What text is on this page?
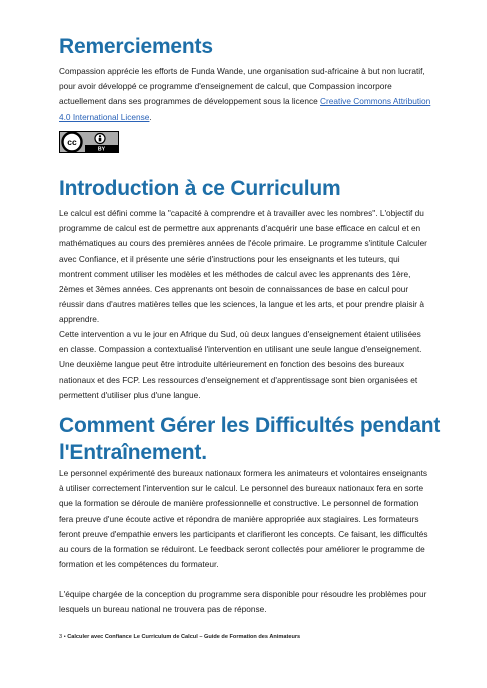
Remerciements

Compassion apprécie les efforts de Funda Wande, une organisation sud-africaine à but non lucratif, pour avoir développé ce programme d'enseignement de calcul, que Compassion incorpore actuellement dans ses programmes de développement sous la licence Creative Commons Attribution 4.0 International License.

cc
BY
Introduction à ce Curriculum

Le calcul est défini comme la "capacité à comprendre et à travailler avec les nombres". L'objectif du programme de calcul est de permettre aux apprenants d'acquérir une base efficace en calcul et en mathématiques au cours des premières années de l'école primaire. Le programme s'intitule Calculer avec Confiance, et il présente une série d'instructions pour les enseignants et les tuteurs, qui montrent comment utiliser les modèles et les méthodes de calcul avec les apprenants des 1ère, 2èmes et 3èmes années. Ces apprenants ont besoin de connaissances de base en calcul pour réussir dans d'autres matières telles que les sciences, la langue et les arts, et pour prendre plaisir à apprendre.

Cette intervention a vu le jour en Afrique du Sud, où deux langues d'enseignement étaient utilisées en classe. Compassion a contextualisé l'intervention en utilisant une seule langue d'enseignement. Une deuxième langue peut être introduite ultérieurement en fonction des besoins des bureaux nationaux et des FCP. Les ressources d'enseignement et d'apprentissage sont bien organisées et permettent d'utiliser plus d'une langue.

Comment Gérer les Difficultés pendant
l'Entraînement.

Le personnel expérimenté des bureaux nationaux formera les animateurs et volontaires enseignants à utiliser correctement l'intervention sur le calcul. Le personnel des bureaux nationaux fera en sorte que la formation se déroule de manière professionnelle et constructive. Le personnel de formation fera preuve d'une écoute active et répondra de manière appropriée aux stagiaires. Les formateurs feront preuve d'empathie envers les participants et clarifieront les concepts. Ce faisant, les difficultés au cours de la formation se réduiront. Le feedback seront collectés pour améliorer le programme de formation et les compétences du formateur.

L'équipe chargée de la conception du programme sera disponible pour résoudre les problèmes pour lesquels un bureau national ne trouvera pas de réponse.

3 • Calculer avec Confiance Le Curriculum de Calcul – Guide de Formation des Animateurs
